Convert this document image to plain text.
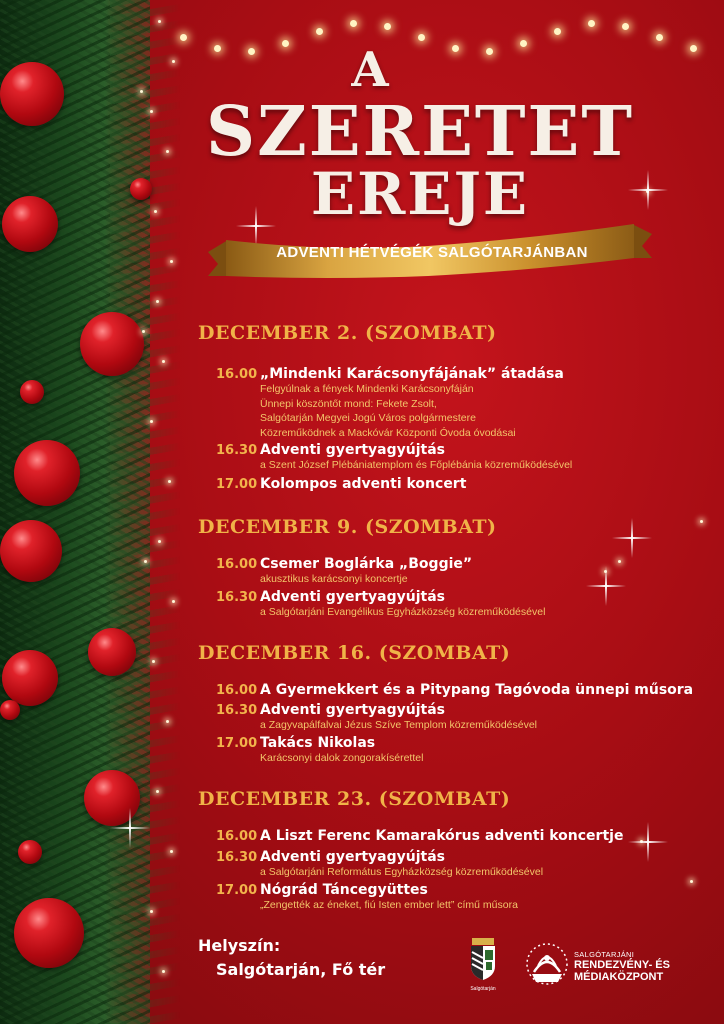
A
SZERETET
EREJE
ADVENTI HÉTVÉGÉK SALGÓTARJÁNBAN
DECEMBER 2. (SZOMBAT)
16.00 „Mindenki Karácsonyfájának” átadása
Felgyúlnak a fények Mindenki Karácsonyfáján
Ünnepi köszöntőt mond: Fekete Zsolt,
Salgótarján Megyei Jogú Város polgármestere
Közreműködnek a Mackóvár Központi Óvoda óvodásai
16.30 Adventi gyertyagyújtás
a Szent József Plébániatemplom és Főplébánia közreműködésével
17.00 Kolompos adventi koncert
DECEMBER 9. (SZOMBAT)
16.00 Csemer Boglárka „Boggie”
akusztikus karácsonyi koncertje
16.30 Adventi gyertyagyújtás
a Salgótarjáni Evangélikus Egyházközség közreműködésével
DECEMBER 16. (SZOMBAT)
16.00 A Gyermekkert és a Pitypang Tagóvoda ünnepi műsora
16.30 Adventi gyertyagyújtás
a Zagyvapálfalvai Jézus Szíve Templom közreműködésével
17.00 Takács Nikolas
Karácsonyi dalok zongorakísérettel
DECEMBER 23. (SZOMBAT)
16.00 A Liszt Ferenc Kamarakórus adventi koncertje
16.30 Adventi gyertyagyújtás
a Salgótarjáni Református Egyházközség közreműködésével
17.00 Nógrád Táncegyüttes
„Zengették az éneket, fiú Isten ember lett” című műsora
Helyszín:
Salgótarján, Fő tér
Salgótarján
SALGÓTARJÁNI
RENDEZVÉNY- ÉS
MÉDIAKÖZPONT
